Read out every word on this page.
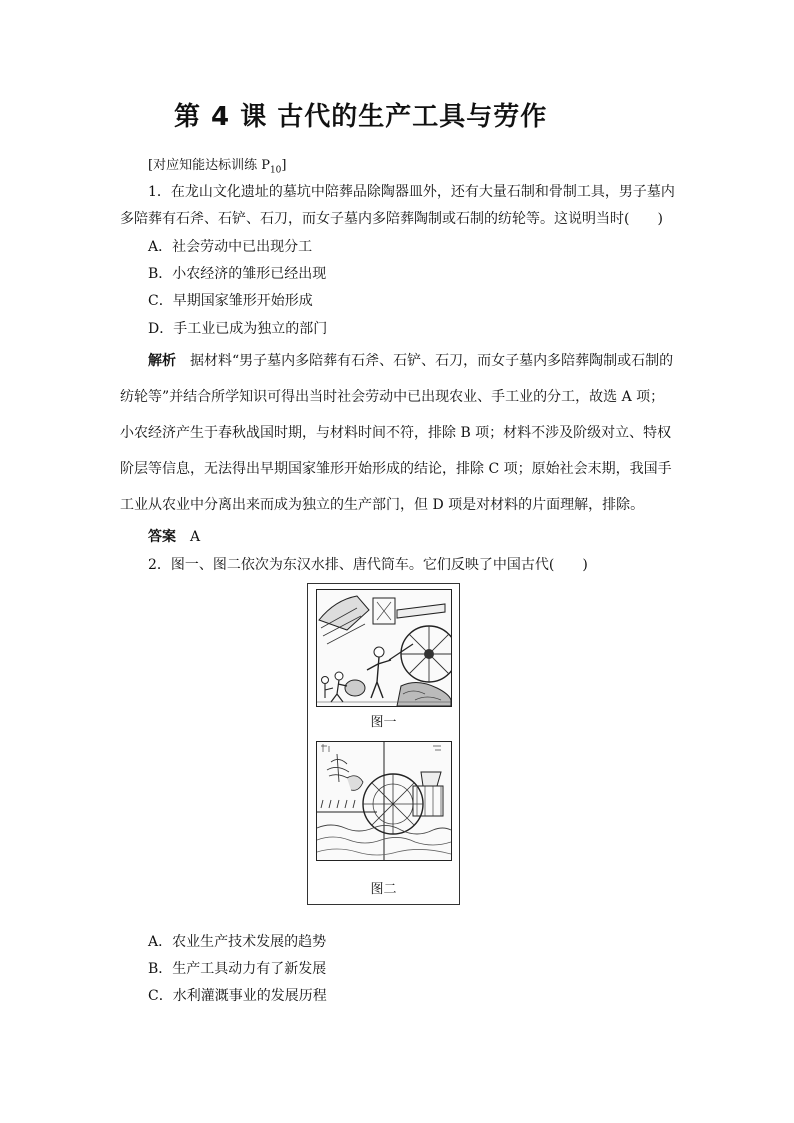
第 4 课 古代的生产工具与劳作
[对应知能达标训练 $P_{10}$]
1．在龙山文化遗址的墓坑中陪葬品除陶器皿外，还有大量石制和骨制工具，男子墓内
多陪葬有石斧、石铲、石刀，而女子墓内多陪葬陶制或石制的纺轮等。这说明当时(　　)
A．社会劳动中已出现分工
B．小农经济的雏形已经出现
C．早期国家雏形开始形成
D．手工业已成为独立的部门
解析　 据材料“男子墓内多陪葬有石斧、石铲、石刀，而女子墓内多陪葬陶制或石制的
纺轮等”并结合所学知识可得出当时社会劳动中已出现农业、手工业的分工，故选 A 项；
小农经济产生于春秋战国时期，与材料时间不符，排除 B 项；材料不涉及阶级对立、特权
阶层等信息，无法得出早期国家雏形开始形成的结论，排除 C 项；原始社会末期，我国手
工业从农业中分离出来而成为独立的生产部门，但 D 项是对材料的片面理解，排除。
答案　 A
2．图一、图二依次为东汉水排、唐代筒车。它们反映了中国古代(　　)
图一
图二
A．农业生产技术发展的趋势
B．生产工具动力有了新发展
C．水利灌溉事业的发展历程
